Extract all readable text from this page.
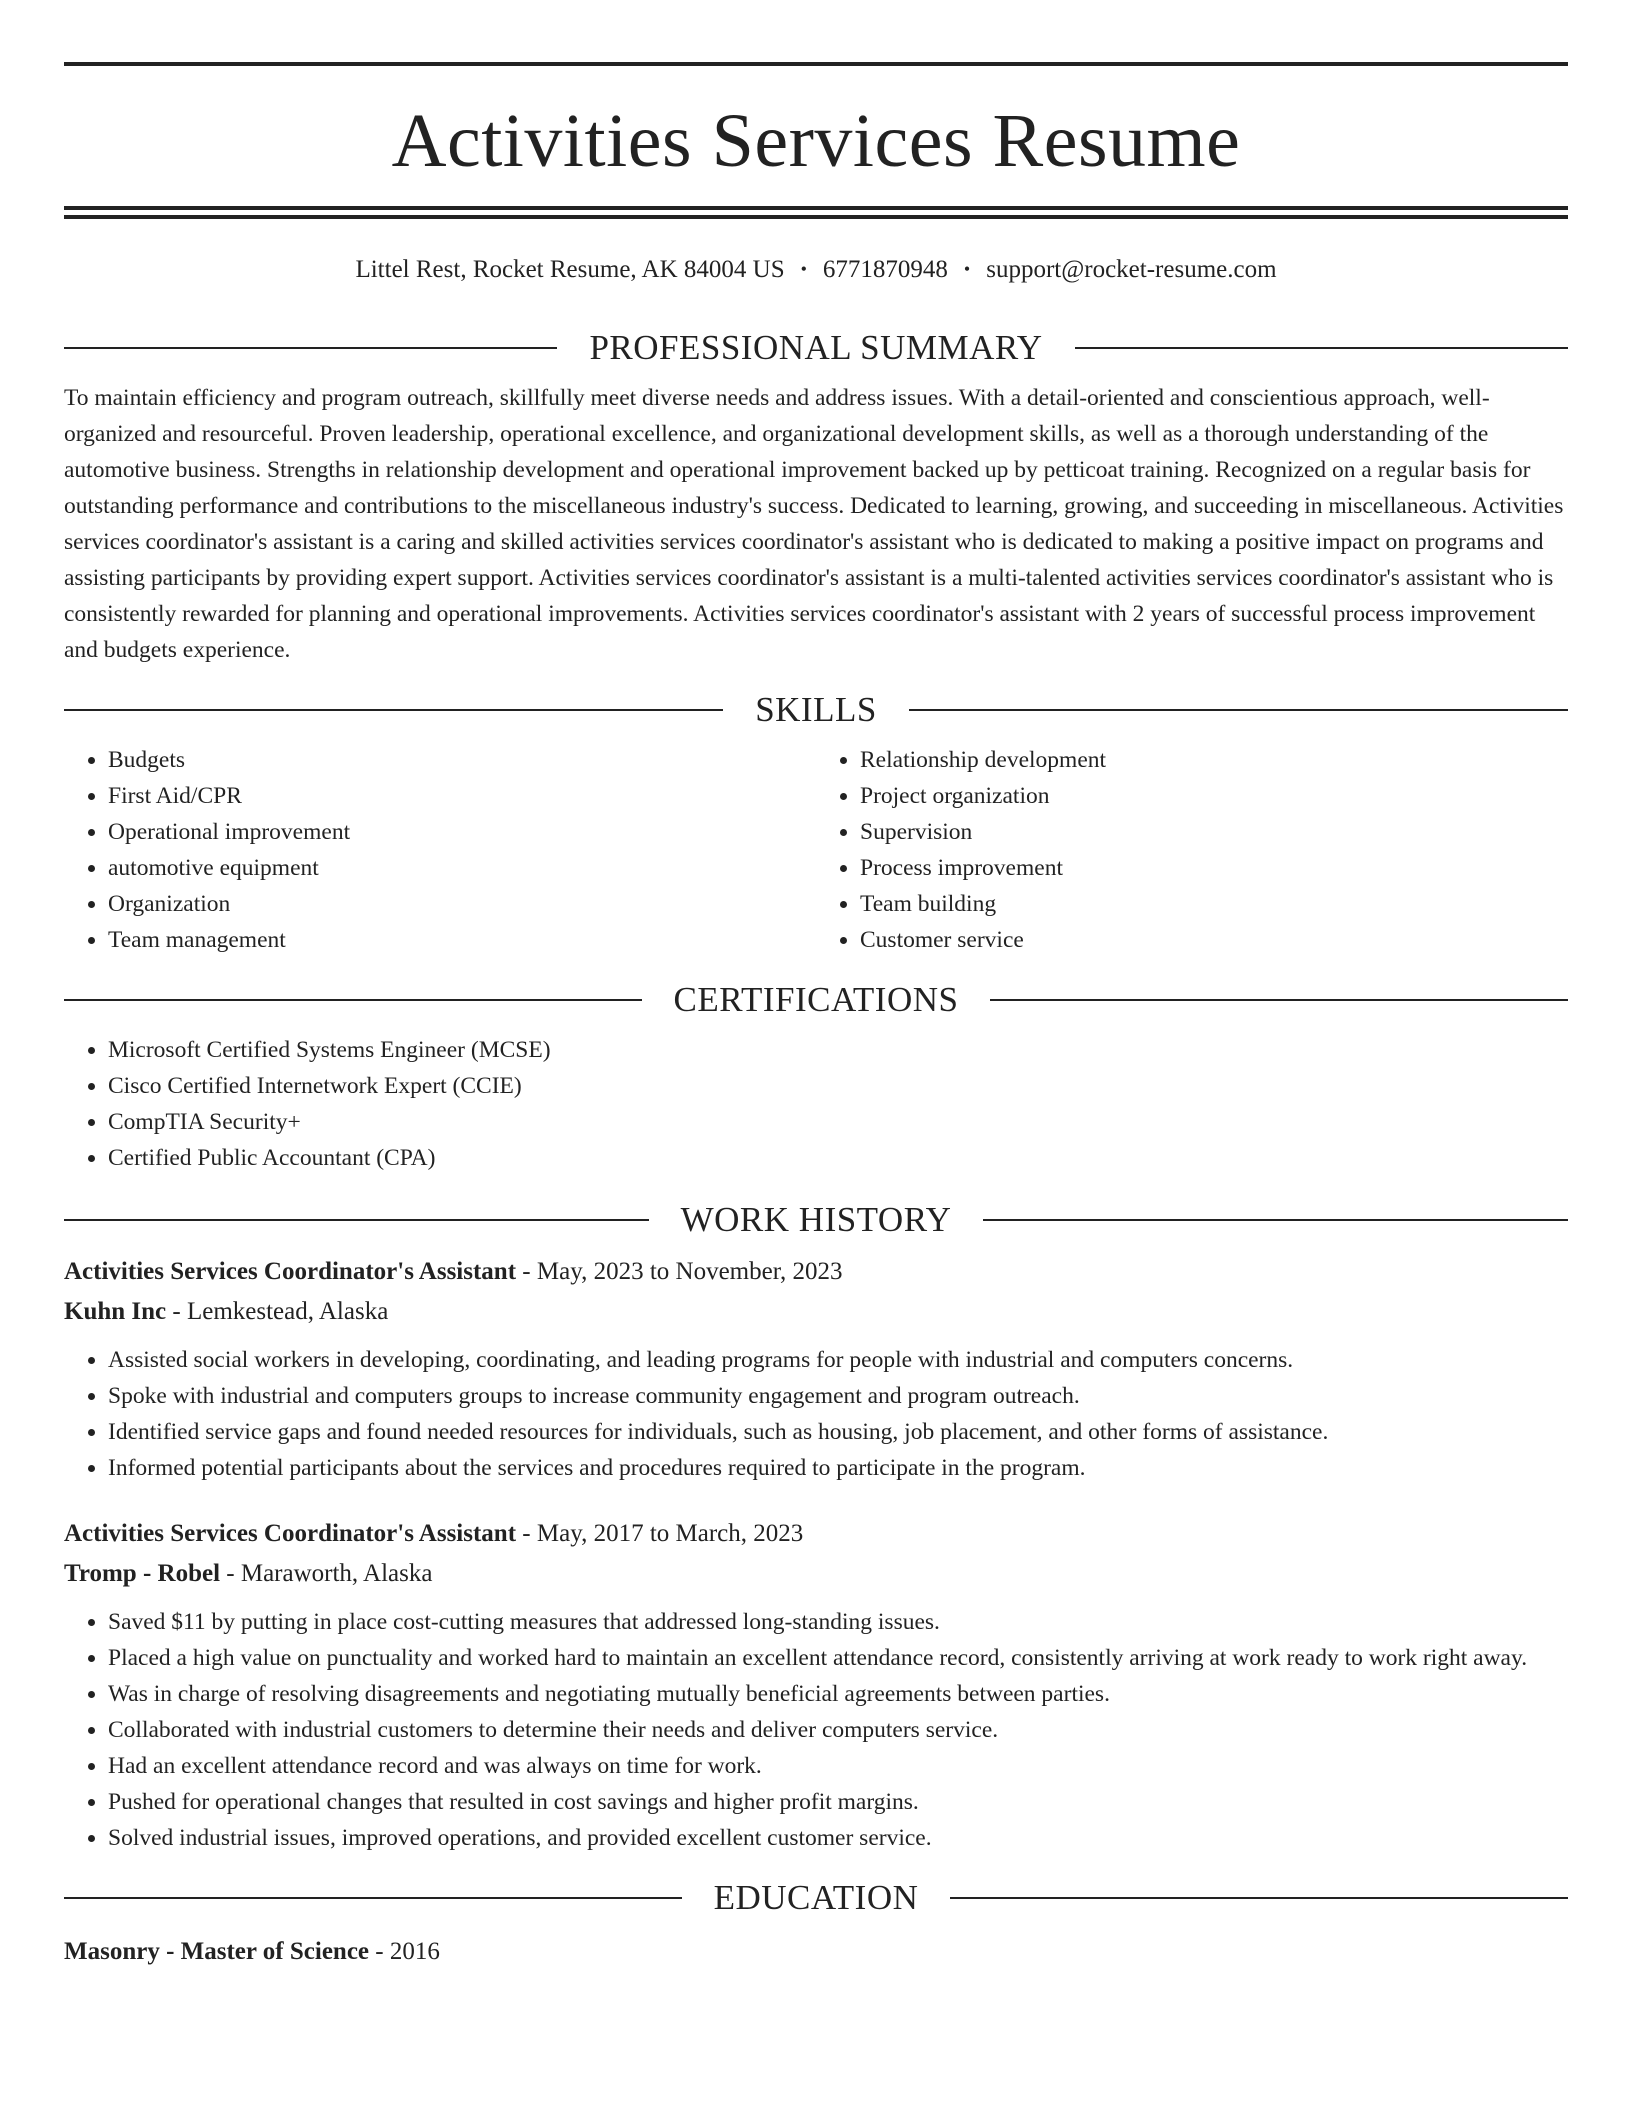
Activities Services Resume
Littel Rest, Rocket Resume, AK 84004 US • 6771870948 • support@rocket-resume.com
PROFESSIONAL SUMMARY

To maintain efficiency and program outreach, skillfully meet diverse needs and address issues. With a detail-oriented and conscientious approach, well-organized and resourceful. Proven leadership, operational excellence, and organizational development skills, as well as a thorough understanding of the automotive business. Strengths in relationship development and operational improvement backed up by petticoat training. Recognized on a regular basis for outstanding performance and contributions to the miscellaneous industry's success. Dedicated to learning, growing, and succeeding in miscellaneous. Activities services coordinator's assistant is a caring and skilled activities services coordinator's assistant who is dedicated to making a positive impact on programs and assisting participants by providing expert support. Activities services coordinator's assistant is a multi-talented activities services coordinator's assistant who is consistently rewarded for planning and operational improvements. Activities services coordinator's assistant with 2 years of successful process improvement and budgets experience.

SKILLS
• Budgets
• First Aid/CPR
• Operational improvement
• automotive equipment
• Organization
• Team management
• Relationship development
• Project organization
• Supervision
• Process improvement
• Team building
• Customer service
CERTIFICATIONS
• Microsoft Certified Systems Engineer (MCSE)
• Cisco Certified Internetwork Expert (CCIE)
• CompTIA Security+
• Certified Public Accountant (CPA)
WORK HISTORY
Activities Services Coordinator's Assistant - May, 2023 to November, 2023
Kuhn Inc - Lemkestead, Alaska
• Assisted social workers in developing, coordinating, and leading programs for people with industrial and computers concerns.
• Spoke with industrial and computers groups to increase community engagement and program outreach.
• Identified service gaps and found needed resources for individuals, such as housing, job placement, and other forms of assistance.
• Informed potential participants about the services and procedures required to participate in the program.
Activities Services Coordinator's Assistant - May, 2017 to March, 2023
Tromp - Robel - Maraworth, Alaska
• Saved $11 by putting in place cost-cutting measures that addressed long-standing issues.
• Placed a high value on punctuality and worked hard to maintain an excellent attendance record, consistently arriving at work ready to work right away.
• Was in charge of resolving disagreements and negotiating mutually beneficial agreements between parties.
• Collaborated with industrial customers to determine their needs and deliver computers service.
• Had an excellent attendance record and was always on time for work.
• Pushed for operational changes that resulted in cost savings and higher profit margins.
• Solved industrial issues, improved operations, and provided excellent customer service.
EDUCATION
Masonry - Master of Science - 2016
